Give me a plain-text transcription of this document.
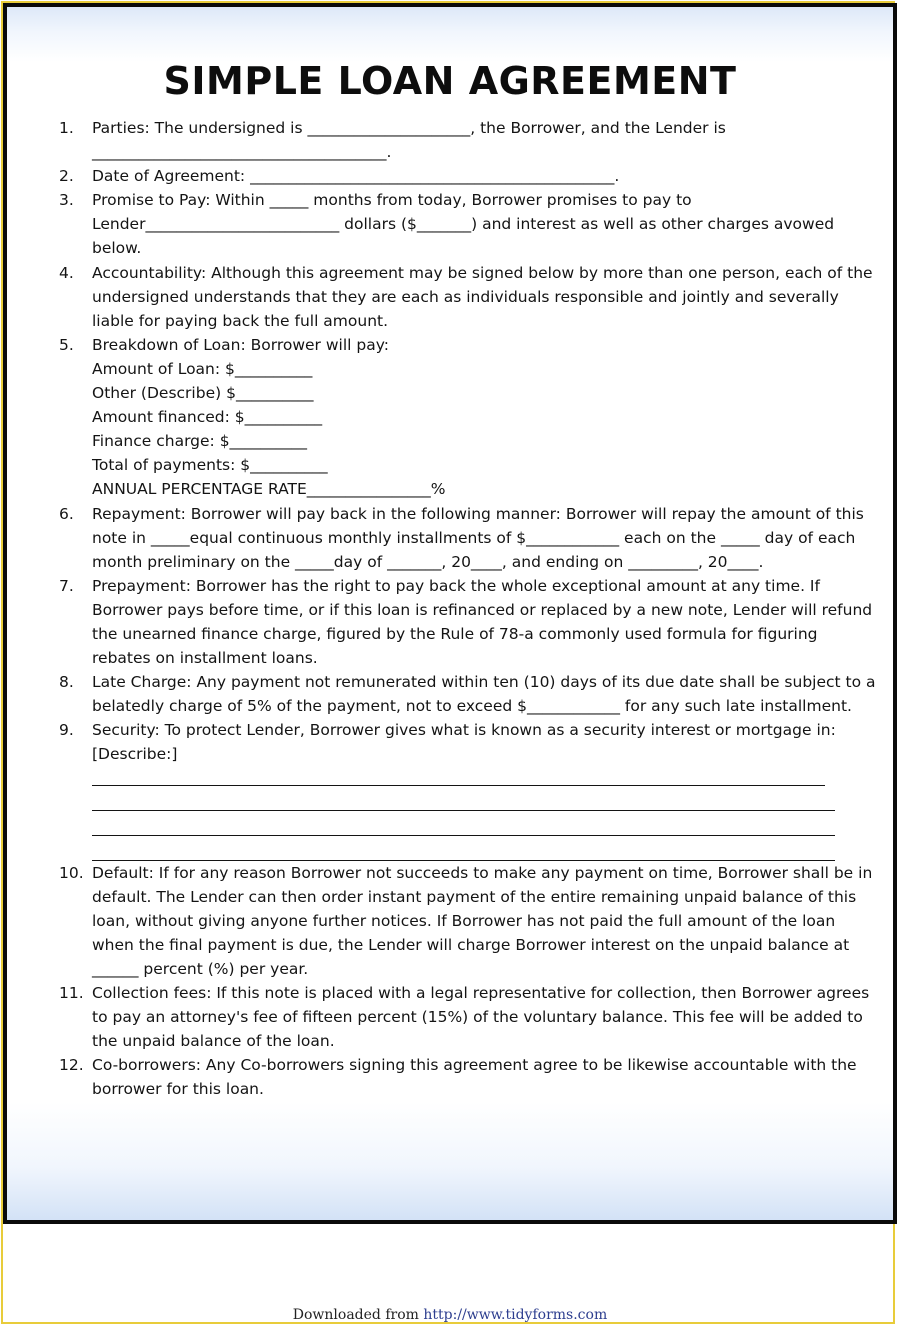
SIMPLE LOAN AGREEMENT
1. Parties: The undersigned is _____________________, the Borrower, and the Lender is ______________________________________.
2. Date of Agreement: _______________________________________________.
3. Promise to Pay: Within _____ months from today, Borrower promises to pay to Lender_________________________ dollars ($_______) and interest as well as other charges avowed below.
4. Accountability: Although this agreement may be signed below by more than one person, each of the undersigned understands that they are each as individuals responsible and jointly and severally liable for paying back the full amount.
5. Breakdown of Loan: Borrower will pay:
Amount of Loan: $__________
Other (Describe) $__________
Amount financed: $__________
Finance charge: $__________
Total of payments: $__________
ANNUAL PERCENTAGE RATE________________%
6. Repayment: Borrower will pay back in the following manner: Borrower will repay the amount of this note in _____equal continuous monthly installments of $____________ each on the _____ day of each month preliminary on the _____day of _______, 20____, and ending on _________, 20____.
7. Prepayment: Borrower has the right to pay back the whole exceptional amount at any time. If Borrower pays before time, or if this loan is refinanced or replaced by a new note, Lender will refund the unearned finance charge, figured by the Rule of 78-a commonly used formula for figuring rebates on installment loans.
8. Late Charge: Any payment not remunerated within ten (10) days of its due date shall be subject to a belatedly charge of 5% of the payment, not to exceed $____________ for any such late installment.
9. Security: To protect Lender, Borrower gives what is known as a security interest or mortgage in: [Describe:]
10. Default: If for any reason Borrower not succeeds to make any payment on time, Borrower shall be in default. The Lender can then order instant payment of the entire remaining unpaid balance of this loan, without giving anyone further notices. If Borrower has not paid the full amount of the loan when the final payment is due, the Lender will charge Borrower interest on the unpaid balance at ______ percent (%) per year.
11. Collection fees: If this note is placed with a legal representative for collection, then Borrower agrees to pay an attorney's fee of fifteen percent (15%) of the voluntary balance. This fee will be added to the unpaid balance of the loan.
12. Co-borrowers: Any Co-borrowers signing this agreement agree to be likewise accountable with the borrower for this loan.
Downloaded from http://www.tidyforms.com
